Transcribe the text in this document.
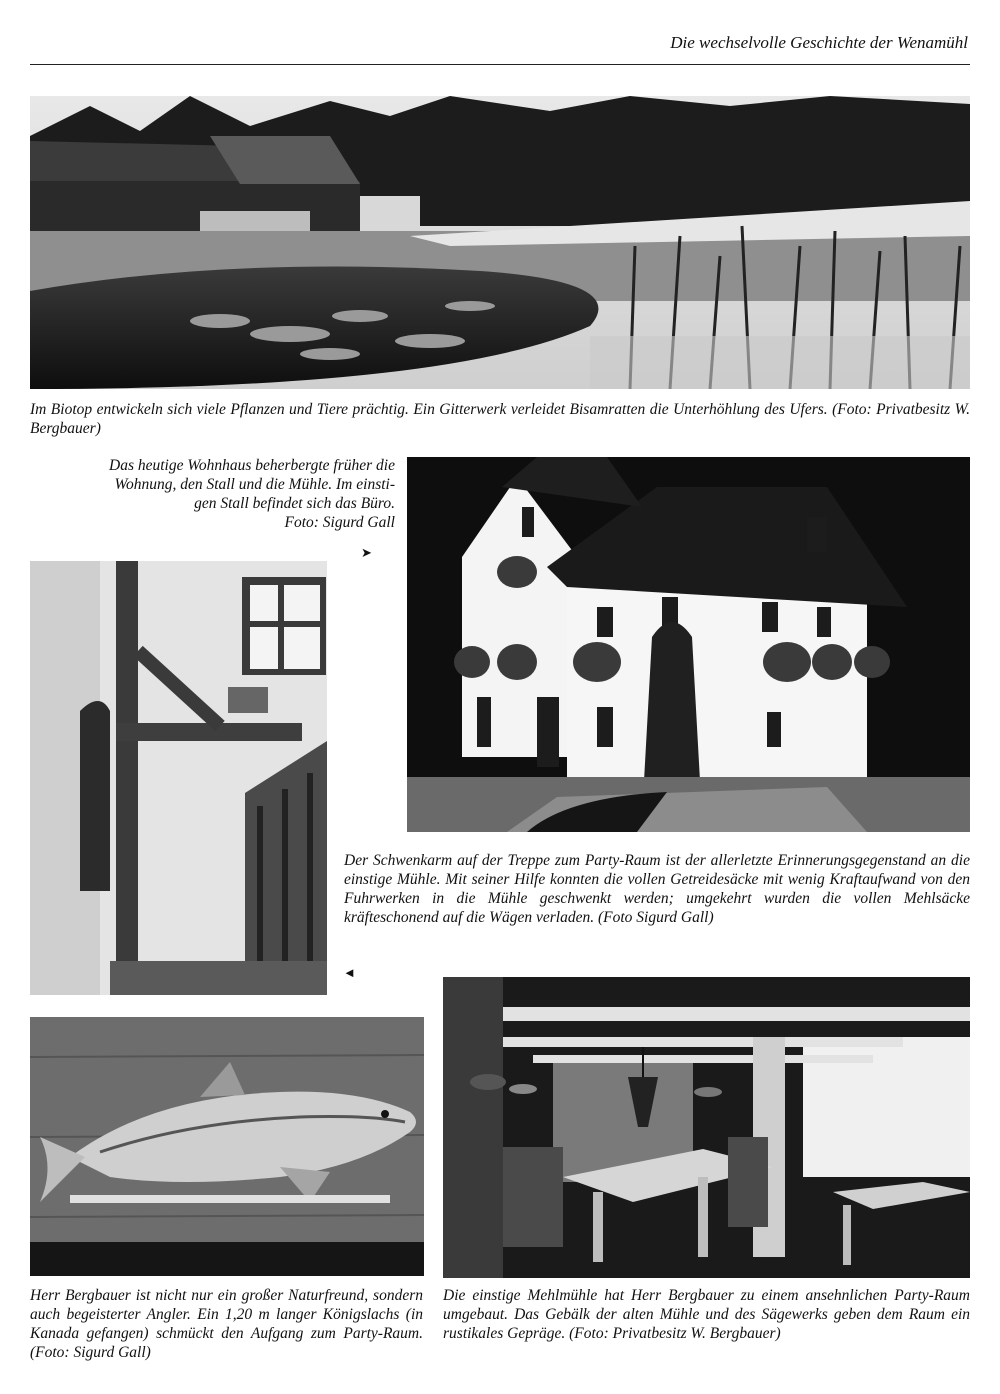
Die wechselvolle Geschichte der Wenamühl
Im Biotop entwickeln sich viele Pflanzen und Tiere prächtig. Ein Gitterwerk verleidet Bisamratten die Unterhöhlung des Ufers. (Foto: Privatbesitz W. Bergbauer)
Das heutige Wohnhaus beherbergte früher die
Wohnung, den Stall und die Mühle. Im einsti-
gen Stall befindet sich das Büro.
Foto: Sigurd Gall
➤
Der Schwenkarm auf der Treppe zum Party-Raum ist der allerletzte Erinnerungsgegenstand an die einstige Mühle. Mit seiner Hilfe konnten die vollen Getreidesäcke mit wenig Kraftaufwand von den Fuhrwerken in die Mühle geschwenkt werden; umgekehrt wurden die vollen Mehlsäcke kräfteschonend auf die Wägen verladen. (Foto Sigurd Gall)
◄
Herr Bergbauer ist nicht nur ein großer Naturfreund, sondern auch begeisterter Angler. Ein 1,20 m langer Königslachs (in Kanada gefangen) schmückt den Aufgang zum Party-Raum. (Foto: Sigurd Gall)
Die einstige Mehlmühle hat Herr Bergbauer zu einem ansehnlichen Party-Raum umgebaut. Das Gebälk der alten Mühle und des Sägewerks geben dem Raum ein rustikales Gepräge. (Foto: Privatbesitz W. Bergbauer)
